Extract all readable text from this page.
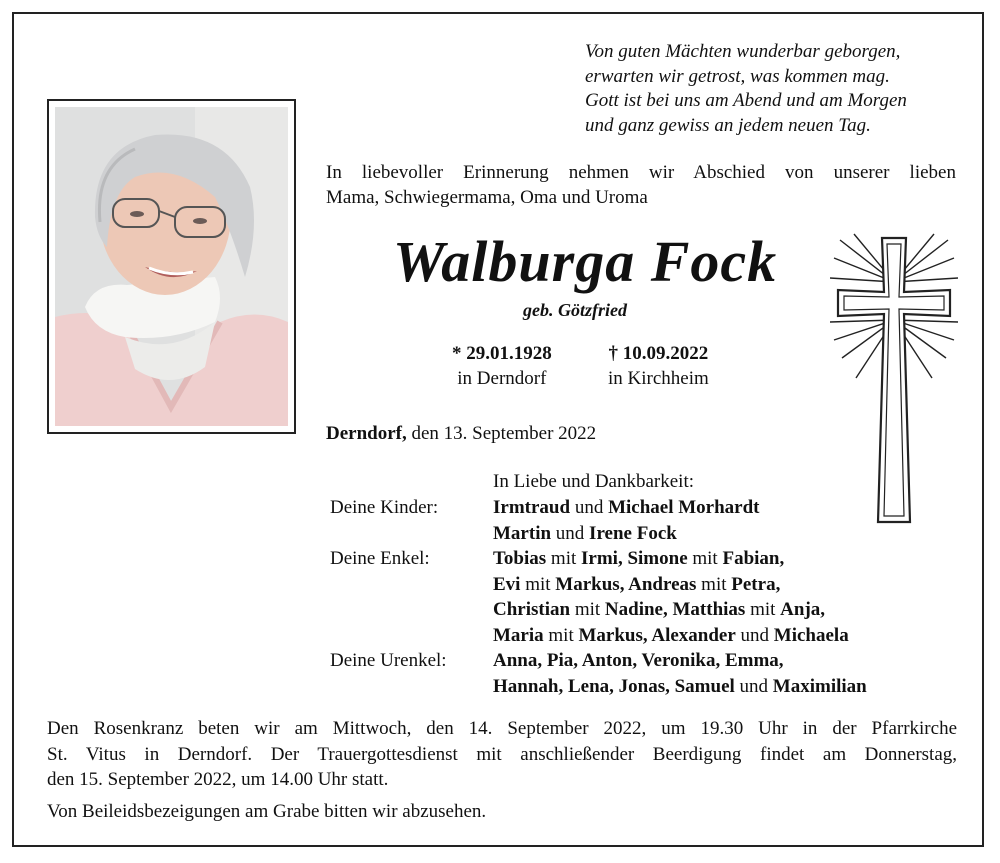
Von guten Mächten wunderbar geborgen,
erwarten wir getrost, was kommen mag.
Gott ist bei uns am Abend und am Morgen
und ganz gewiss an jedem neuen Tag.
In liebevoller Erinnerung nehmen wir Abschied von unserer lieben
Mama, Schwiegermama, Oma und Uroma
Walburga Fock
geb. Götzfried
* 29.01.1928
in Derndorf
† 10.09.2022
in Kirchheim
Derndorf, den 13. September 2022
In Liebe und Dankbarkeit:
Deine Kinder:	Irmtraud und Michael Morhardt
Martin und Irene Fock
Deine Enkel:	Tobias mit Irmi, Simone mit Fabian,
Evi mit Markus, Andreas mit Petra,
Christian mit Nadine, Matthias mit Anja,
Maria mit Markus, Alexander und Michaela
Deine Urenkel: Anna, Pia, Anton, Veronika, Emma,
Hannah, Lena, Jonas, Samuel und Maximilian
Den Rosenkranz beten wir am Mittwoch, den 14. September 2022, um 19.30 Uhr in der Pfarrkirche
St. Vitus in Derndorf. Der Trauergottesdienst mit anschließender Beerdigung findet am Donnerstag,
den 15. September 2022, um 14.00 Uhr statt.
Von Beileidsbezeigungen am Grabe bitten wir abzusehen.
